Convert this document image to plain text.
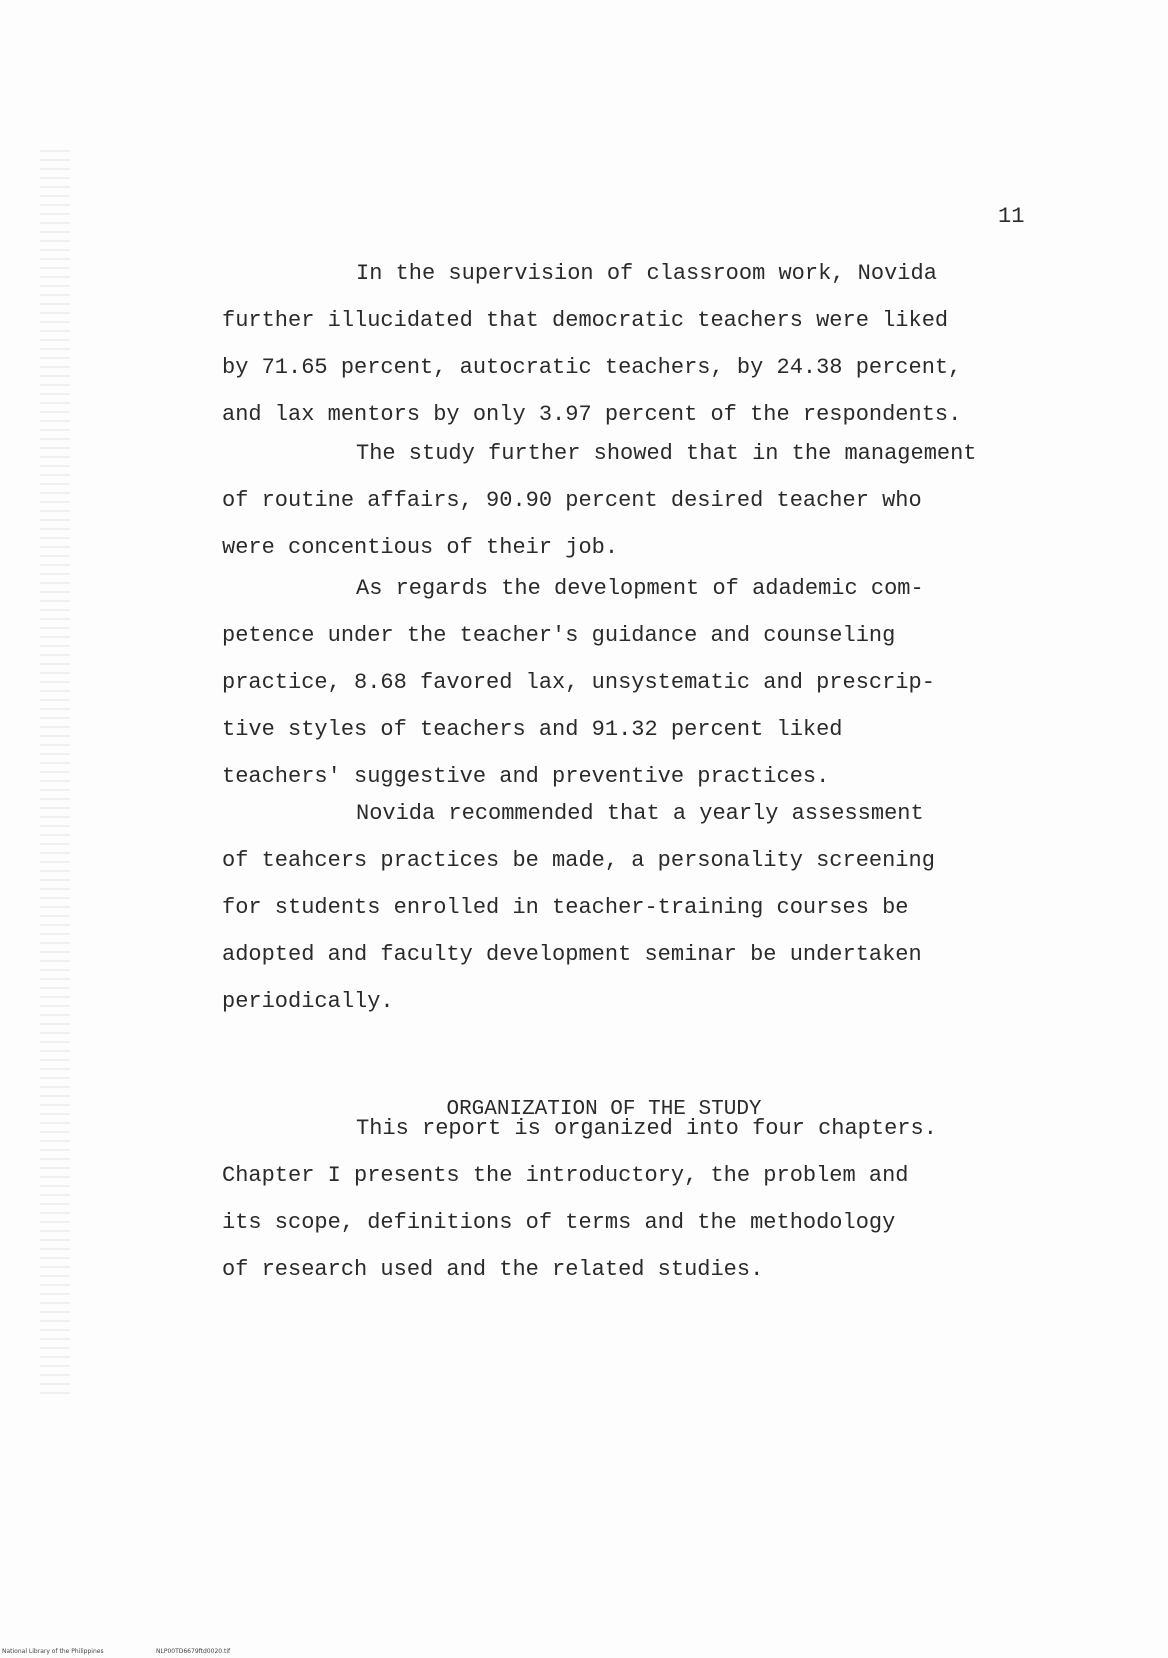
11
In the supervision of classroom work, Novida
further illucidated that democratic teachers were liked
by 71.65 percent, autocratic teachers, by 24.38 percent,
and lax mentors by only 3.97 percent of the respondents.
The study further showed that in the management
of routine affairs, 90.90 percent desired teacher who
were concentious of their job.
As regards the development of adademic com-
petence under the teacher's guidance and counseling
practice, 8.68 favored lax, unsystematic and prescrip-
tive styles of teachers and 91.32 percent liked
teachers' suggestive and preventive practices.
Novida recommended that a yearly assessment
of teahcers practices be made, a personality screening
for students enrolled in teacher-training courses be
adopted and faculty development seminar be undertaken
periodically.
ORGANIZATION OF THE STUDY
This report is organized into four chapters.
Chapter I presents the introductory, the problem and
its scope, definitions of terms and the methodology
of research used and the related studies.
National Library of the Philippines	NLP00TD6679ftd0020.tif
